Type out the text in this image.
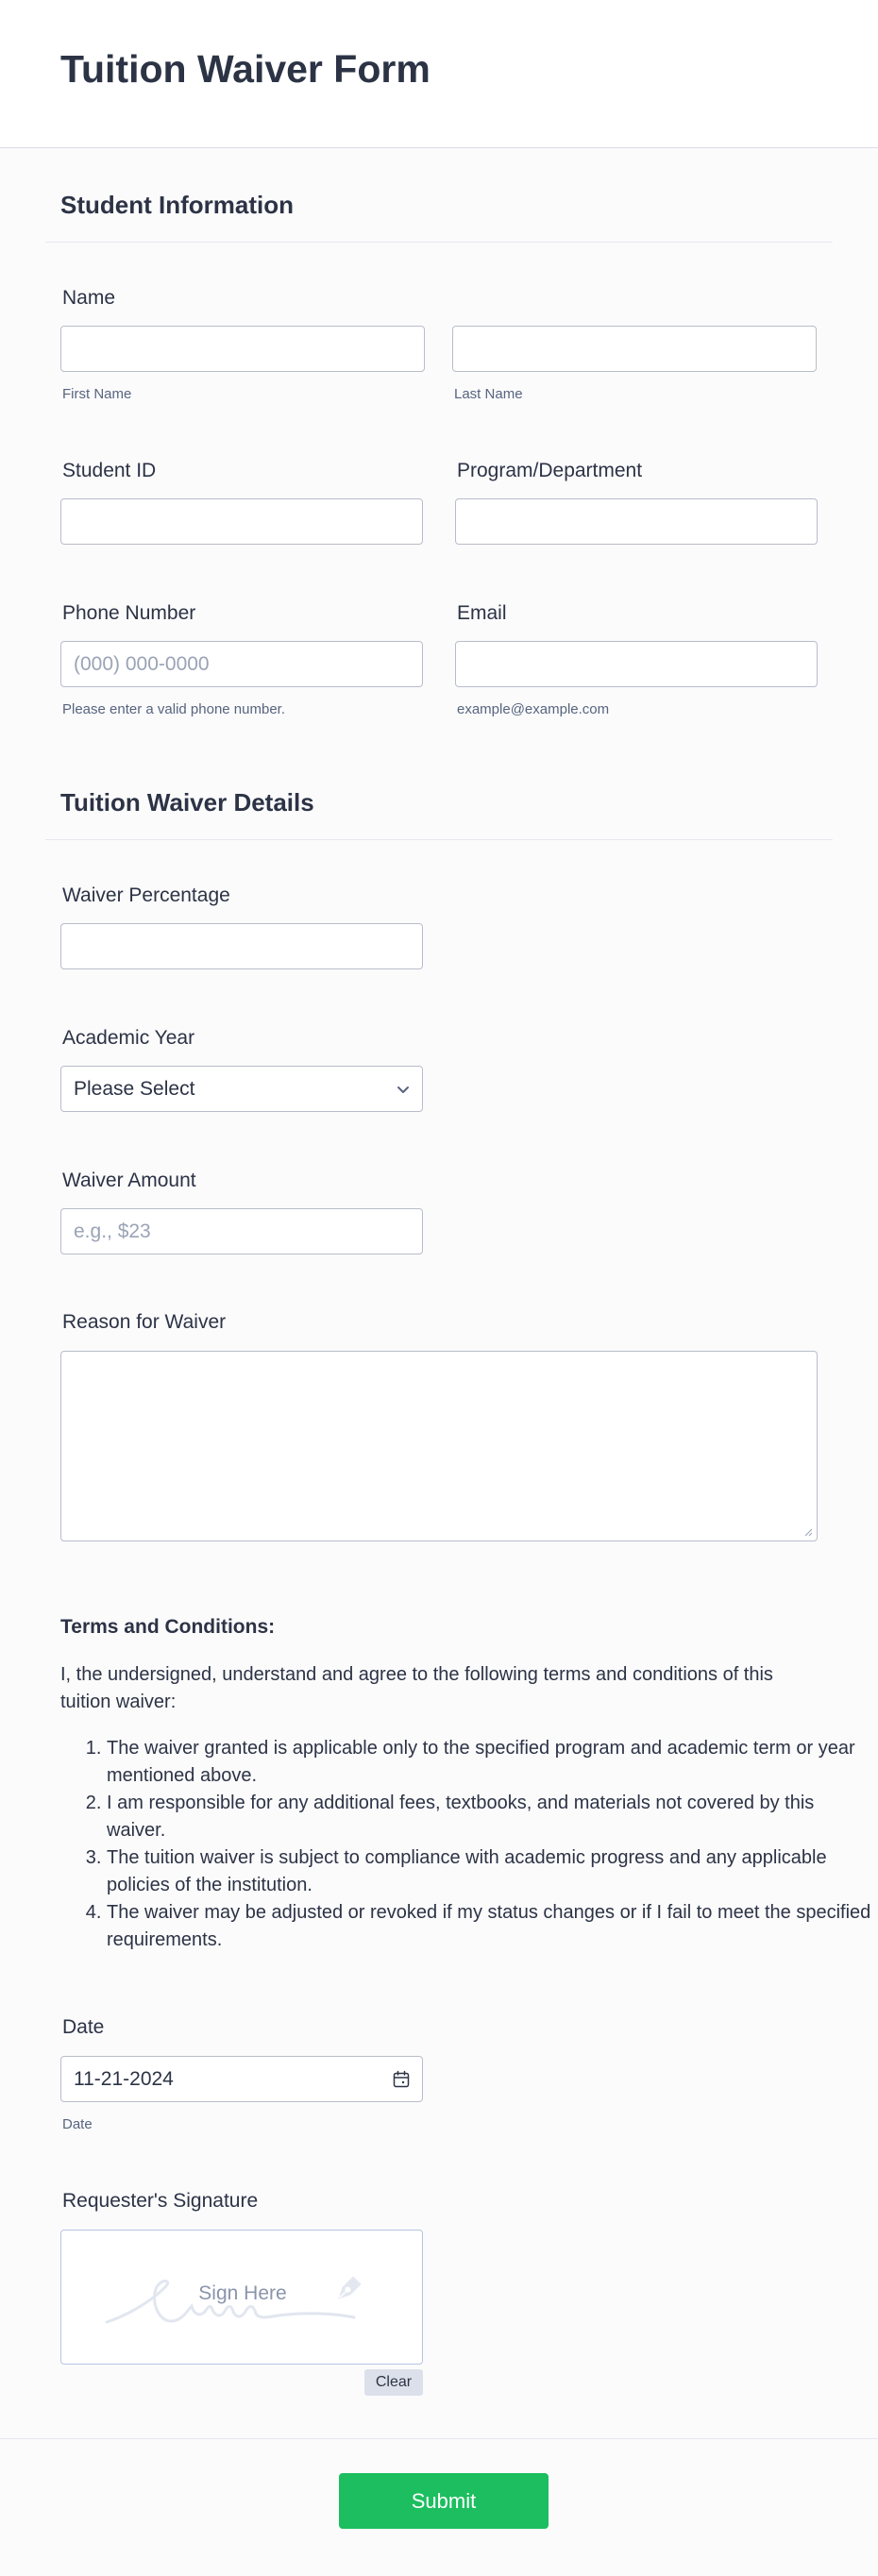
Tuition Waiver Form
Student Information
Name
First Name	Last Name
Student ID	Program/Department
Phone Number
(000) 000-0000
Please enter a valid phone number.
Email
example@example.com
Tuition Waiver Details
Waiver Percentage
Academic Year
Please Select
Waiver Amount
e.g., $23
Reason for Waiver
Terms and Conditions:
I, the undersigned, understand and agree to the following terms and conditions of this tuition waiver:
1. The waiver granted is applicable only to the specified program and academic term or year mentioned above.
2. I am responsible for any additional fees, textbooks, and materials not covered by this waiver.
3. The tuition waiver is subject to compliance with academic progress and any applicable policies of the institution.
4. The waiver may be adjusted or revoked if my status changes or if I fail to meet the specified requirements.
Date
11-21-2024
Date
Requester's Signature
Sign Here
Clear
Submit
